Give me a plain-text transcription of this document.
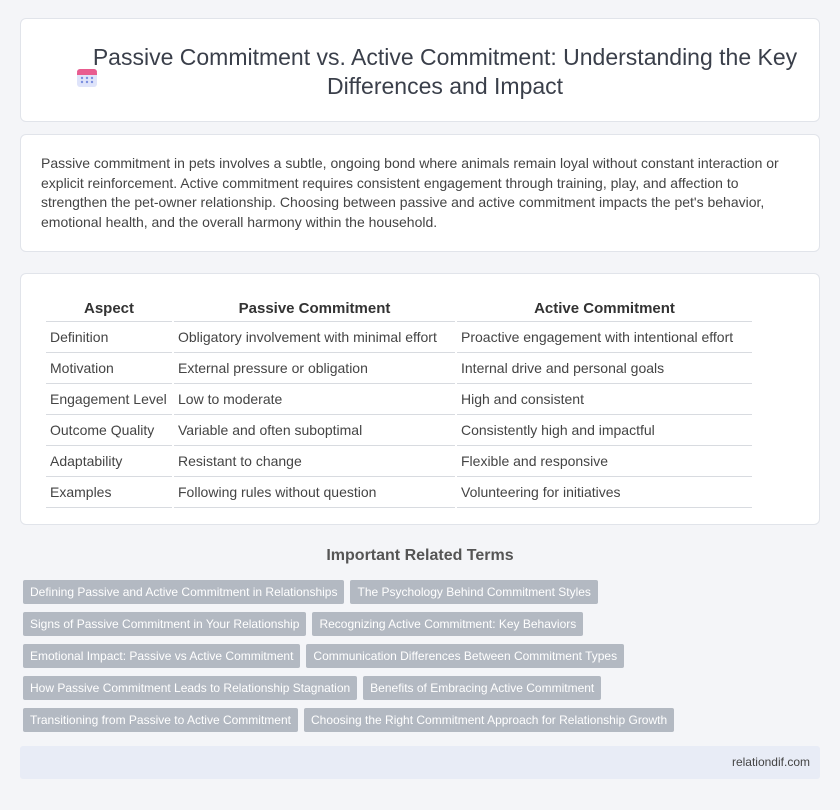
Passive Commitment vs. Active Commitment: Understanding the Key Differences and Impact

Passive commitment in pets involves a subtle, ongoing bond where animals remain loyal without constant interaction or explicit reinforcement. Active commitment requires consistent engagement through training, play, and affection to strengthen the pet-owner relationship. Choosing between passive and active commitment impacts the pet's behavior, emotional health, and the overall harmony within the household.

Aspect	Passive Commitment	Active Commitment
Definition	Obligatory involvement with minimal effort	Proactive engagement with intentional effort
Motivation	External pressure or obligation	Internal drive and personal goals
Engagement Level	Low to moderate	High and consistent
Outcome Quality	Variable and often suboptimal	Consistently high and impactful
Adaptability	Resistant to change	Flexible and responsive
Examples	Following rules without question	Volunteering for initiatives
Important Related Terms
Defining Passive and Active Commitment in Relationships	The Psychology Behind Commitment Styles
Signs of Passive Commitment in Your Relationship	Recognizing Active Commitment: Key Behaviors
Emotional Impact: Passive vs Active Commitment	Communication Differences Between Commitment Types
How Passive Commitment Leads to Relationship Stagnation	Benefits of Embracing Active Commitment
Transitioning from Passive to Active Commitment	Choosing the Right Commitment Approach for Relationship Growth
relationdif.com
